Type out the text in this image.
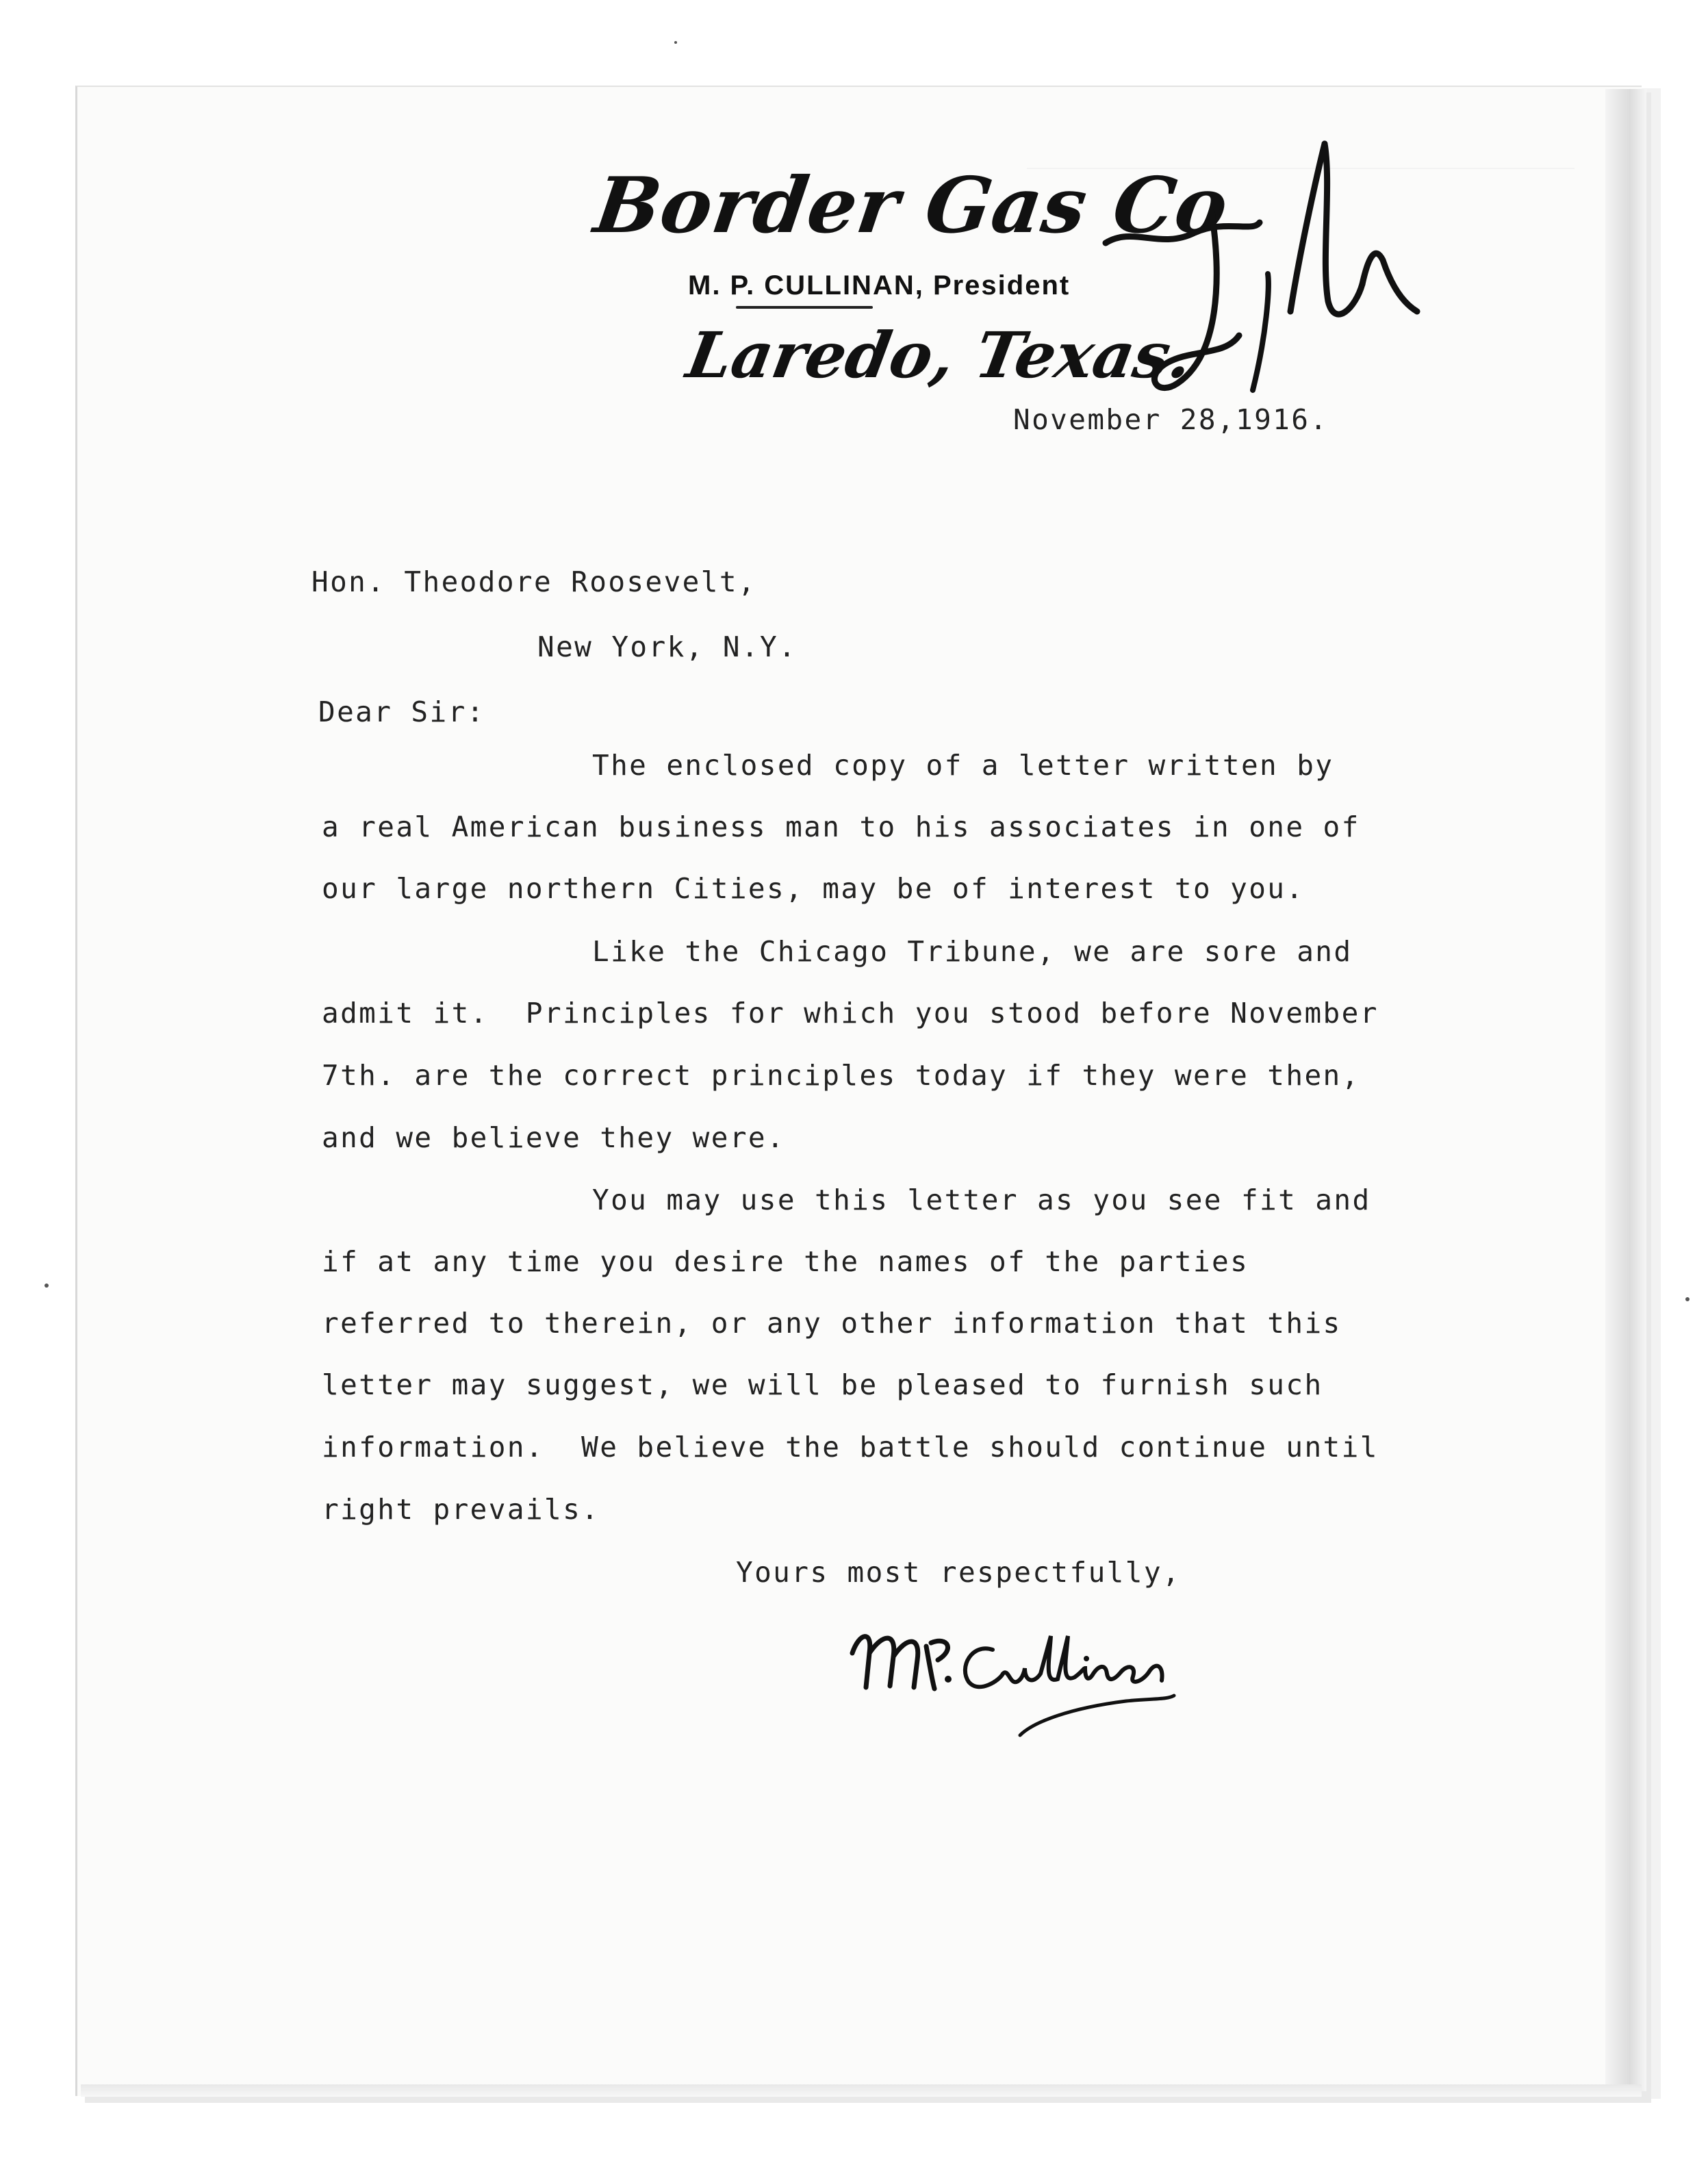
Border Gas Co
M. P. CULLINAN, President
Laredo, Texas.
November 28,1916.
Hon. Theodore Roosevelt,
New York, N.Y.
Dear Sir:
The enclosed copy of a letter written by
a real American business man to his associates in one of
our large northern Cities, may be of interest to you.
Like the Chicago Tribune, we are sore and
admit it.  Principles for which you stood before November
7th. are the correct principles today if they were then,
and we believe they were.
You may use this letter as you see fit and
if at any time you desire the names of the parties
referred to therein, or any other information that this
letter may suggest, we will be pleased to furnish such
information.  We believe the battle should continue until
right prevails.
Yours most respectfully,
